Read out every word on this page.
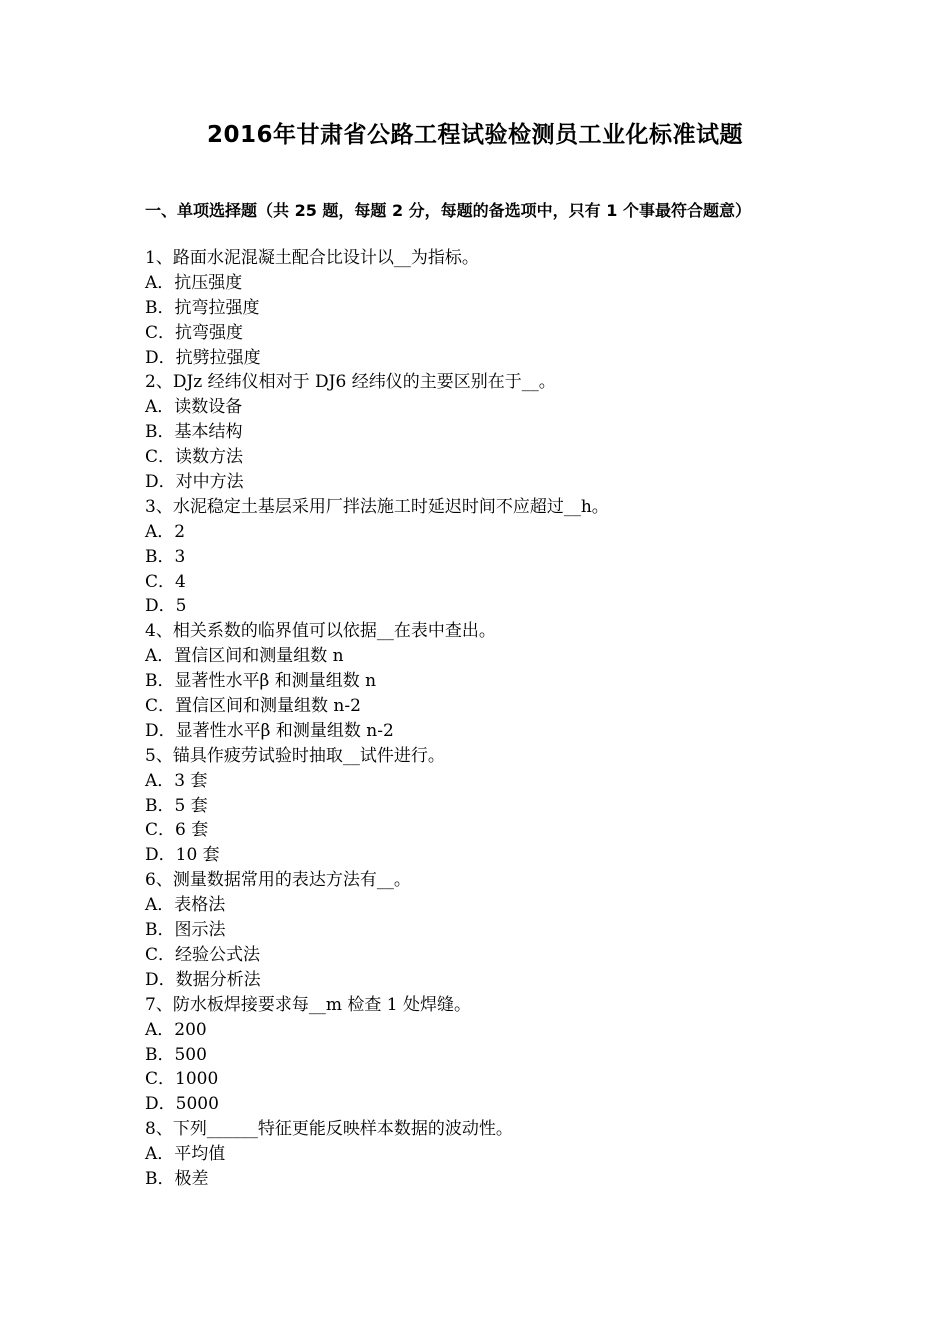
2016年甘肃省公路工程试验检测员工业化标准试题
一、单项选择题（共 25 题，每题 2 分，每题的备选项中，只有 1 个事最符合题意）
1、路面水泥混凝土配合比设计以__为指标。
A．抗压强度
B．抗弯拉强度
C．抗弯强度
D．抗劈拉强度
2、DJz 经纬仪相对于 DJ6 经纬仪的主要区别在于__。
A．读数设备
B．基本结构
C．读数方法
D．对中方法
3、水泥稳定土基层采用厂拌法施工时延迟时间不应超过__h。
A．2
B．3
C．4
D．5
4、相关系数的临界值可以依据__在表中查出。
A．置信区间和测量组数 n
B．显著性水平β 和测量组数 n
C．置信区间和测量组数 n-2
D．显著性水平β 和测量组数 n-2
5、锚具作疲劳试验时抽取__试件进行。
A．3 套
B．5 套
C．6 套
D．10 套
6、测量数据常用的表达方法有__。
A．表格法
B．图示法
C．经验公式法
D．数据分析法
7、防水板焊接要求每__m 检查 1 处焊缝。
A．200
B．500
C．1000
D．5000
8、下列______特征更能反映样本数据的波动性。
A．平均值
B．极差
